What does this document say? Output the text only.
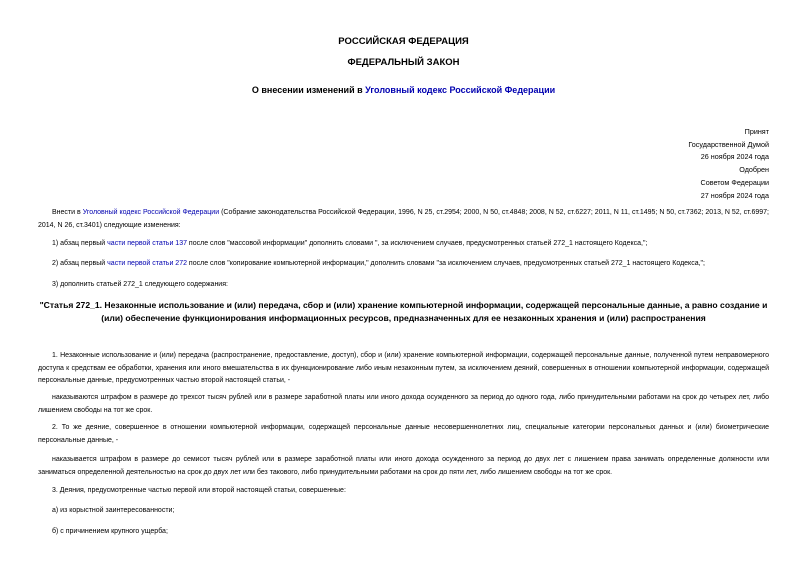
РОССИЙСКАЯ ФЕДЕРАЦИЯ
ФЕДЕРАЛЬНЫЙ ЗАКОН
О внесении изменений в Уголовный кодекс Российской Федерации
Принят
Государственной Думой
26 ноября 2024 года
Одобрен
Советом Федерации
27 ноября 2024 года
Внести в Уголовный кодекс Российской Федерации (Собрание законодательства Российской Федерации, 1996, N 25, ст.2954; 2000, N 50, ст.4848; 2008, N 52, ст.6227; 2011, N 11, ст.1495; N 50, ст.7362; 2013, N 52, ст.6997; 2014, N 26, ст.3401) следующие изменения:
1) абзац первый части первой статьи 137 после слов "массовой информации" дополнить словами ", за исключением случаев, предусмотренных статьей 272_1 настоящего Кодекса,";
2) абзац первый части первой статьи 272 после слов "копирование компьютерной информации," дополнить словами "за исключением случаев, предусмотренных статьей 272_1 настоящего Кодекса,";
3) дополнить статьей 272_1 следующего содержания:
"Статья 272_1. Незаконные использование и (или) передача, сбор и (или) хранение компьютерной информации, содержащей персональные данные, а равно создание и (или) обеспечение функционирования информационных ресурсов, предназначенных для ее незаконных хранения и (или) распространения
1. Незаконные использование и (или) передача (распространение, предоставление, доступ), сбор и (или) хранение компьютерной информации, содержащей персональные данные, полученной путем неправомерного доступа к средствам ее обработки, хранения или иного вмешательства в их функционирование либо иным незаконным путем, за исключением деяний, совершенных в отношении компьютерной информации, содержащей персональные данные, предусмотренных частью второй настоящей статьи, -
наказываются штрафом в размере до трехсот тысяч рублей или в размере заработной платы или иного дохода осужденного за период до одного года, либо принудительными работами на срок до четырех лет, либо лишением свободы на тот же срок.
2. То же деяние, совершенное в отношении компьютерной информации, содержащей персональные данные несовершеннолетних лиц, специальные категории персональных данных и (или) биометрические персональные данные, -
наказывается штрафом в размере до семисот тысяч рублей или в размере заработной платы или иного дохода осужденного за период до двух лет с лишением права занимать определенные должности или заниматься определенной деятельностью на срок до двух лет или без такового, либо принудительными работами на срок до пяти лет, либо лишением свободы на тот же срок.
3. Деяния, предусмотренные частью первой или второй настоящей статьи, совершенные:
а) из корыстной заинтересованности;
б) с причинением крупного ущерба;
